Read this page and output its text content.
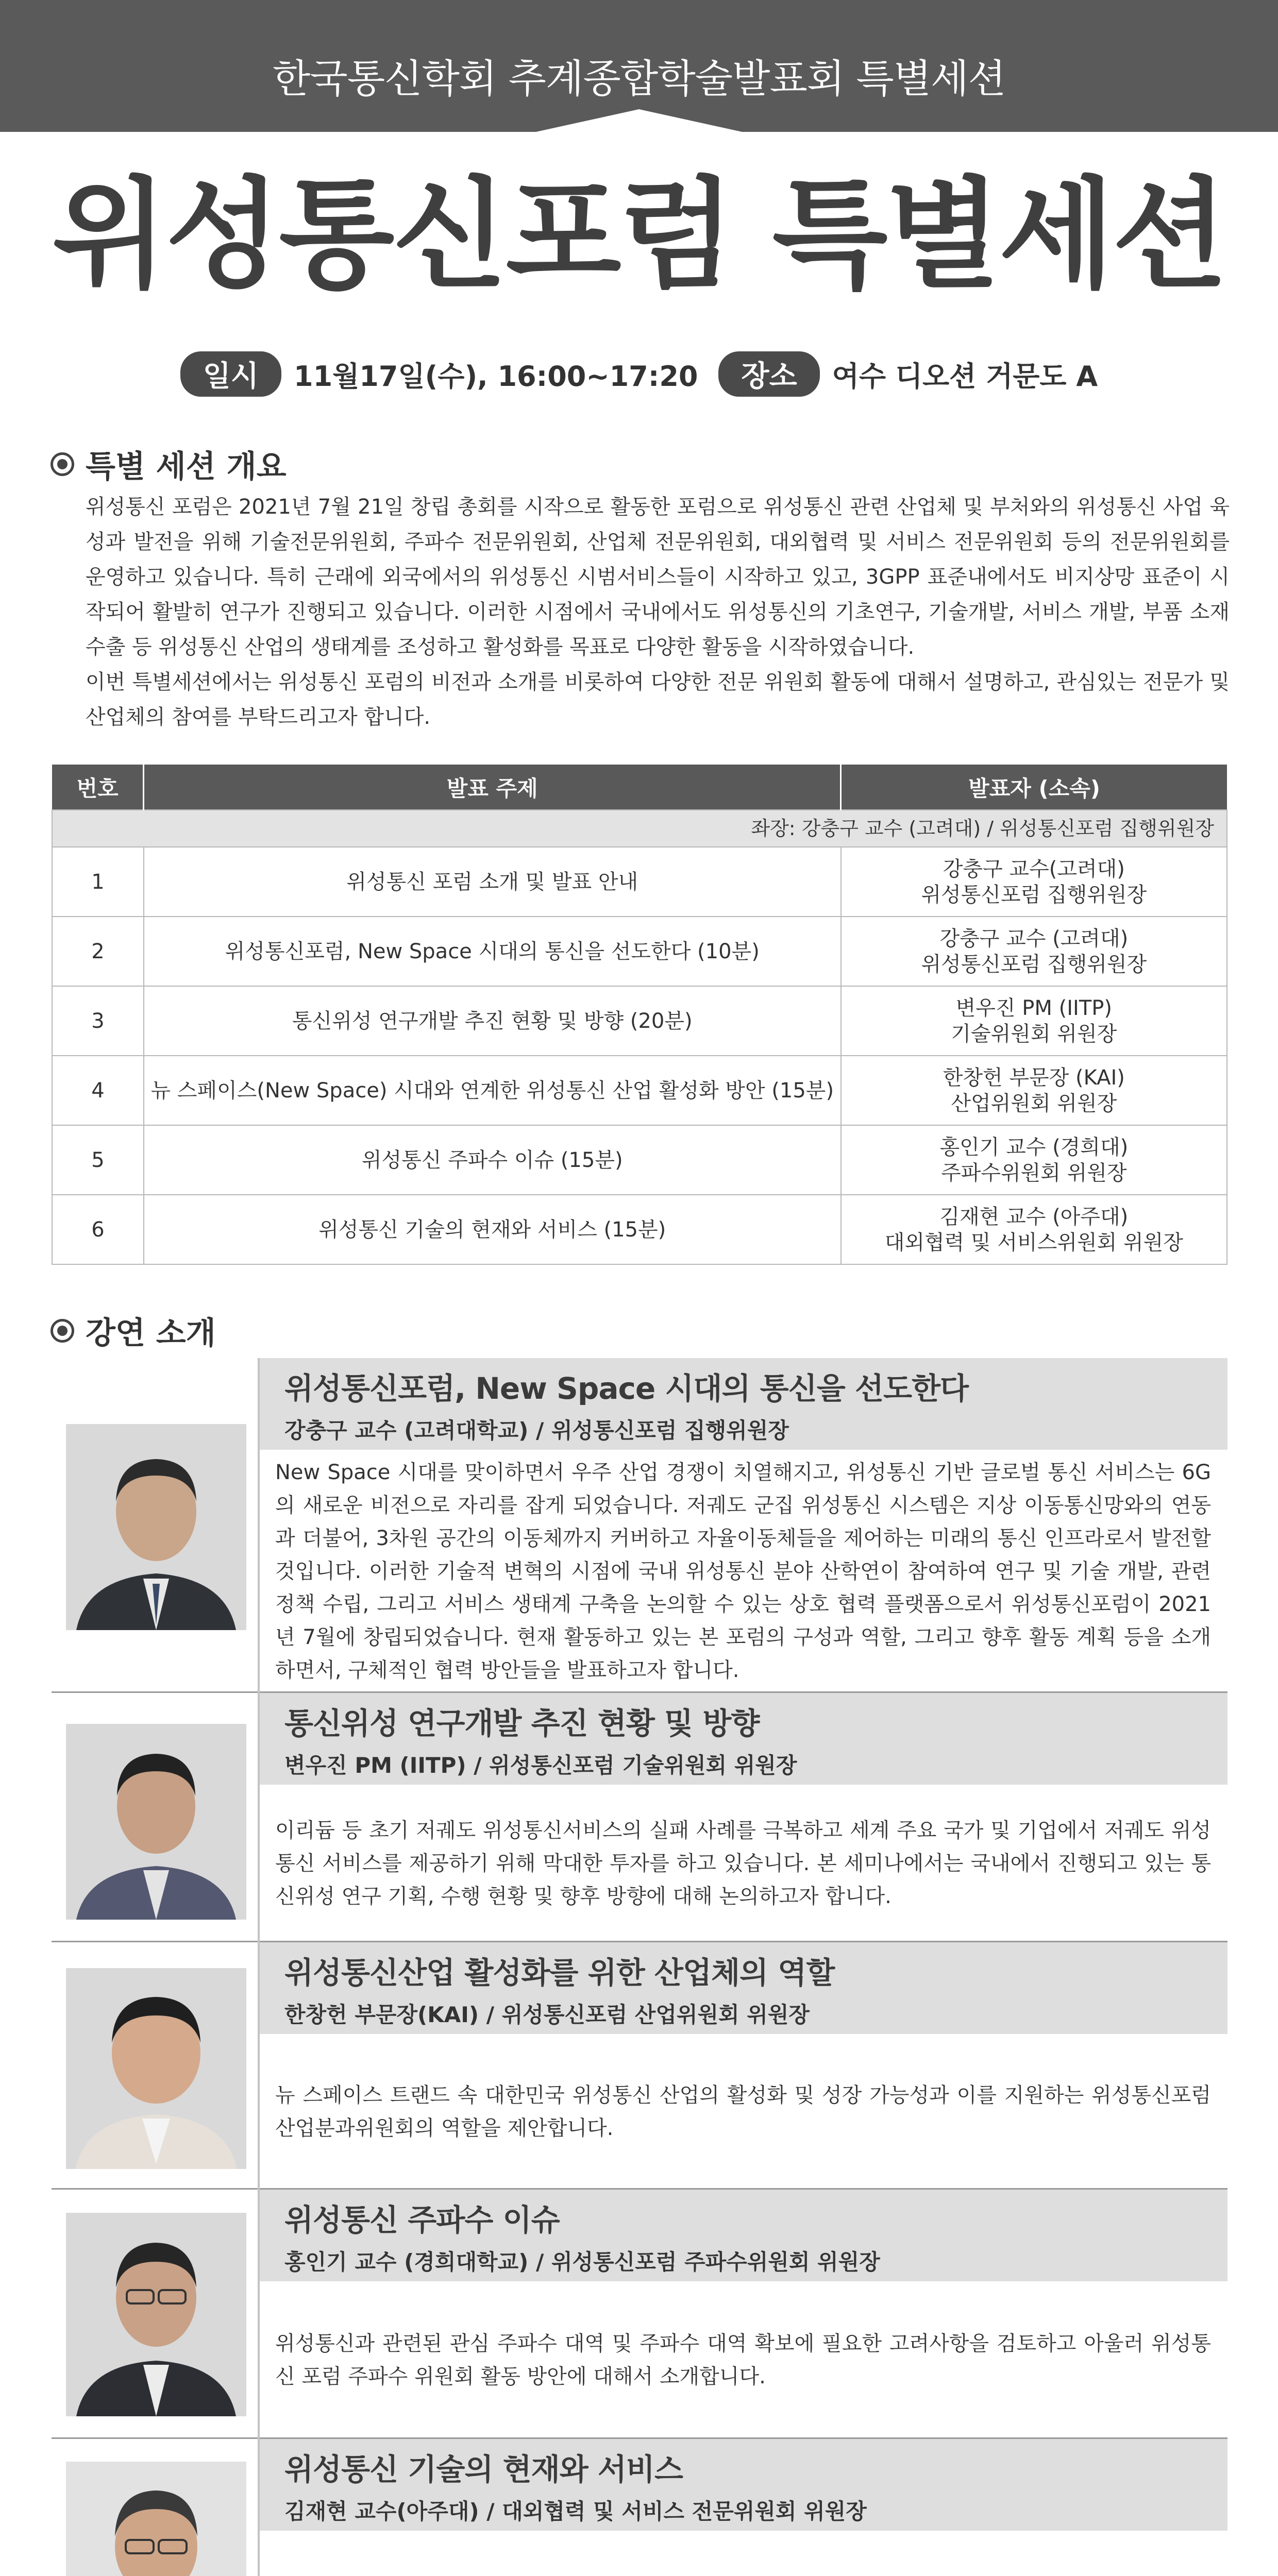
한국통신학회 추계종합학술발표회 특별세션
위성통신포럼 특별세션
일시	11월17일(수), 16:00~17:20	장소	여수 디오션 거문도 A
특별 세션 개요

위성통신 포럼은 2021년 7월 21일 창립 총회를 시작으로 활동한 포럼으로 위성통신 관련 산업체 및 부처와의 위성통신 사업 육성과 발전을 위해 기술전문위원회, 주파수 전문위원회, 산업체 전문위원회, 대외협력 및 서비스 전문위원회 등의 전문위원회를 운영하고 있습니다. 특히 근래에 외국에서의 위성통신 시범서비스들이 시작하고 있고, 3GPP 표준내에서도 비지상망 표준이 시작되어 활발히 연구가 진행되고 있습니다. 이러한 시점에서 국내에서도 위성통신의 기초연구, 기술개발, 서비스 개발, 부품 소재 수출 등 위성통신 산업의 생태계를 조성하고 활성화를 목표로 다양한 활동을 시작하였습니다.

이번 특별세션에서는 위성통신 포럼의 비전과 소개를 비롯하여 다양한 전문 위원회 활동에 대해서 설명하고, 관심있는 전문가 및 산업체의 참여를 부탁드리고자 합니다.

번호	발표 주제	발표자 (소속)
좌장: 강충구 교수 (고려대) / 위성통신포럼 집행위원장		
1	위성통신 포럼 소개 및 발표 안내	강충구 교수(고려대)
위성통신포럼 집행위원장
2	위성통신포럼, New Space 시대의 통신을 선도한다 (10분)	강충구 교수 (고려대)
위성통신포럼 집행위원장
3	통신위성 연구개발 추진 현황 및 방향 (20분)	변우진 PM (IITP)
기술위원회 위원장
4	뉴 스페이스(New Space) 시대와 연계한 위성통신 산업 활성화 방안 (15분)	한창헌 부문장 (KAI)
산업위원회 위원장
5	위성통신 주파수 이슈 (15분)	홍인기 교수 (경희대)
주파수위원회 위원장
6	위성통신 기술의 현재와 서비스 (15분)	김재현 교수 (아주대)
대외협력 및 서비스위원회 위원장
강연 소개
위성통신포럼, New Space 시대의 통신을 선도한다
강충구 교수 (고려대학교) / 위성통신포럼 집행위원장
New Space 시대를 맞이하면서 우주 산업 경쟁이 치열해지고, 위성통신 기반 글로벌 통신 서비스는 6G의 새로운 비전으로 자리를 잡게 되었습니다. 저궤도 군집 위성통신 시스템은 지상 이동통신망와의 연동과 더불어, 3차원 공간의 이동체까지 커버하고 자율이동체들을 제어하는 미래의 통신 인프라로서 발전할 것입니다. 이러한 기술적 변혁의 시점에 국내 위성통신 분야 산학연이 참여하여 연구 및 기술 개발, 관련 정책 수립, 그리고 서비스 생태계 구축을 논의할 수 있는 상호 협력 플랫폼으로서 위성통신포럼이 2021년 7월에 창립되었습니다. 현재 활동하고 있는 본 포럼의 구성과 역할, 그리고 향후 활동 계획 등을 소개하면서, 구체적인 협력 방안들을 발표하고자 합니다.
통신위성 연구개발 추진 현황 및 방향
변우진 PM (IITP) / 위성통신포럼 기술위원회 위원장
이리듐 등 초기 저궤도 위성통신서비스의 실패 사례를 극복하고 세계 주요 국가 및 기업에서 저궤도 위성통신 서비스를 제공하기 위해 막대한 투자를 하고 있습니다. 본 세미나에서는 국내에서 진행되고 있는 통신위성 연구 기획, 수행 현황 및 향후 방향에 대해 논의하고자 합니다.
위성통신산업 활성화를 위한 산업체의 역할
한창헌 부문장(KAI) / 위성통신포럼 산업위원회 위원장
뉴 스페이스 트랜드 속 대한민국 위성통신 산업의 활성화 및 성장 가능성과 이를 지원하는 위성통신포럼 산업분과위원회의 역할을 제안합니다.
위성통신 주파수 이슈
홍인기 교수 (경희대학교) / 위성통신포럼 주파수위원회 위원장
위성통신과 관련된 관심 주파수 대역 및 주파수 대역 확보에 필요한 고려사항을 검토하고 아울러 위성통신 포럼 주파수 위원회 활동 방안에 대해서 소개합니다.
위성통신 기술의 현재와 서비스
김재현 교수(아주대) / 대외협력 및 서비스 전문위원회 위원장
